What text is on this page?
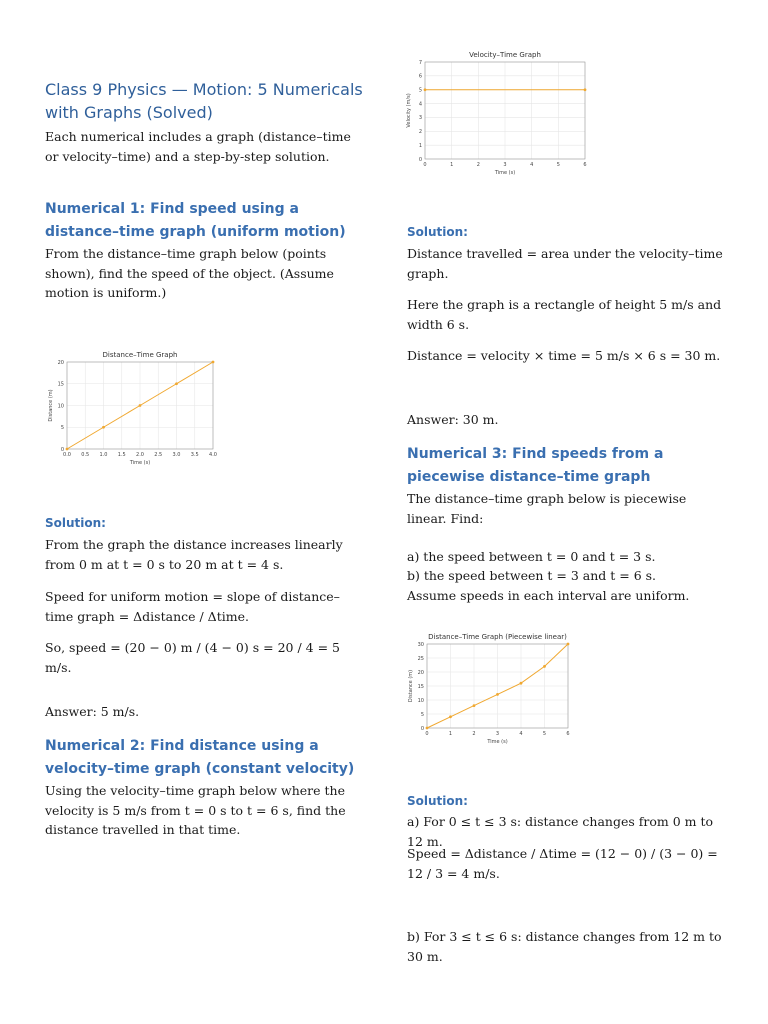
Class 9 Physics — Motion: 5 Numericals with Graphs (Solved)

Each numerical includes a graph (distance–time or velocity–time) and a step-by-step solution.

Numerical 1: Find speed using a distance–time graph (uniform motion)

From the distance–time graph below (points shown), find the speed of the object. (Assume motion is uniform.)

Distance–Time Graph
0.0 0.5 1.0 1.5 2.0 2.5 3.0 3.5 4.0
0
5
10
15
20
Time (s)
Distance (m)
Solution:

From the graph the distance increases linearly from 0 m at t = 0 s to 20 m at t = 4 s.

Speed for uniform motion = slope of distance–time graph = Δdistance / Δtime.

So, speed = (20 − 0) m / (4 − 0) s = 20 / 4 = 5 m/s.

Answer: 5 m/s.

Numerical 2: Find distance using a velocity–time graph (constant velocity)

Using the velocity–time graph below where the velocity is 5 m/s from t = 0 s to t = 6 s, find the distance travelled in that time.

Velocity–Time Graph
0	1	2	3	4	5	6
0
1
2
3
4
5
6
7
Time (s)
Velocity (m/s)
Solution:

Distance travelled = area under the velocity–time graph.

Here the graph is a rectangle of height 5 m/s and width 6 s.

Distance = velocity × time = 5 m/s × 6 s = 30 m.

Answer: 30 m.

Numerical 3: Find speeds from a piecewise distance–time graph

The distance–time graph below is piecewise linear. Find:

a) the speed between t = 0 and t = 3 s.

b) the speed between t = 3 and t = 6 s.

Assume speeds in each interval are uniform.

Distance–Time Graph (Piecewise linear)
0	1	2	3	4	5	6
0
5
10
15
20
25
30
Time (s)
Distance (m)
Solution:

a) For 0 ≤ t ≤ 3 s: distance changes from 0 m to 12 m.

Speed = Δdistance / Δtime = (12 − 0) / (3 − 0) = 12 / 3 = 4 m/s.

b) For 3 ≤ t ≤ 6 s: distance changes from 12 m to 30 m.
